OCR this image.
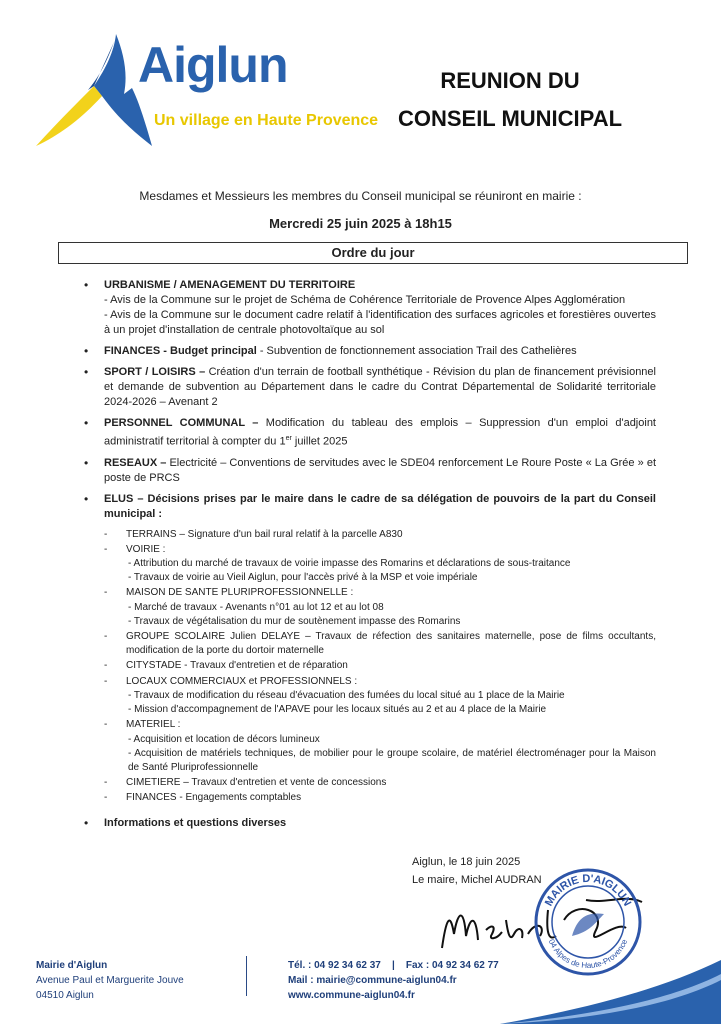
Aiglun
Un village en Haute Provence
REUNION DU
CONSEIL MUNICIPAL
Mesdames et Messieurs les membres du Conseil municipal se réuniront en mairie :
Mercredi 25 juin 2025 à 18h15
Ordre du jour
• URBANISME / AMENAGEMENT DU TERRITOIRE
- Avis de la Commune sur le projet de Schéma de Cohérence Territoriale de Provence Alpes Agglomération
- Avis de la Commune sur le document cadre relatif à l'identification des surfaces agricoles et forestières ouvertes à un projet d'installation de centrale photovoltaïque au sol
• FINANCES - Budget principal - Subvention de fonctionnement association Trail des Cathelières
• SPORT / LOISIRS – Création d'un terrain de football synthétique - Révision du plan de financement prévisionnel et demande de subvention au Département dans le cadre du Contrat Départemental de Solidarité territoriale 2024-2026 – Avenant 2
• PERSONNEL COMMUNAL – Modification du tableau des emplois – Suppression d'un emploi d'adjoint administratif territorial à compter du 1er juillet 2025
• RESEAUX – Electricité – Conventions de servitudes avec le SDE04 renforcement Le Roure Poste « La Grée » et poste de PRCS
• ELUS – Décisions prises par le maire dans le cadre de sa délégation de pouvoirs de la part du Conseil municipal :
- TERRAINS – Signature d'un bail rural relatif à la parcelle A830
- VOIRIE :
- Attribution du marché de travaux de voirie impasse des Romarins et déclarations de sous-traitance
- Travaux de voirie au Vieil Aiglun, pour l'accès privé à la MSP et voie impériale
- MAISON DE SANTE PLURIPROFESSIONNELLE :
- Marché de travaux - Avenants n°01 au lot 12 et au lot 08
- Travaux de végétalisation du mur de soutènement impasse des Romarins
- GROUPE SCOLAIRE Julien DELAYE – Travaux de réfection des sanitaires maternelle, pose de films occultants, modification de la porte du dortoir maternelle
- CITYSTADE - Travaux d'entretien et de réparation
- LOCAUX COMMERCIAUX et PROFESSIONNELS :
- Travaux de modification du réseau d'évacuation des fumées du local situé au 1 place de la Mairie
- Mission d'accompagnement de l'APAVE pour les locaux situés au 2 et au 4 place de la Mairie
- MATERIEL :
- Acquisition et location de décors lumineux
- Acquisition de matériels techniques, de mobilier pour le groupe scolaire, de matériel électroménager pour la Maison de Santé Pluriprofessionnelle
- CIMETIERE – Travaux d'entretien et vente de concessions
- FINANCES - Engagements comptables
• Informations et questions diverses
Aiglun, le 18 juin 2025
Le maire, Michel AUDRAN
MAIRIE D'AIGLUN
04 Alpes de Haute-Provence
Mairie d'Aiglun
Avenue Paul et Marguerite Jouve
04510 Aiglun
Tél. : 04 92 34 62 37    |    Fax : 04 92 34 62 77
Mail : mairie@commune-aiglun04.fr
www.commune-aiglun04.fr
